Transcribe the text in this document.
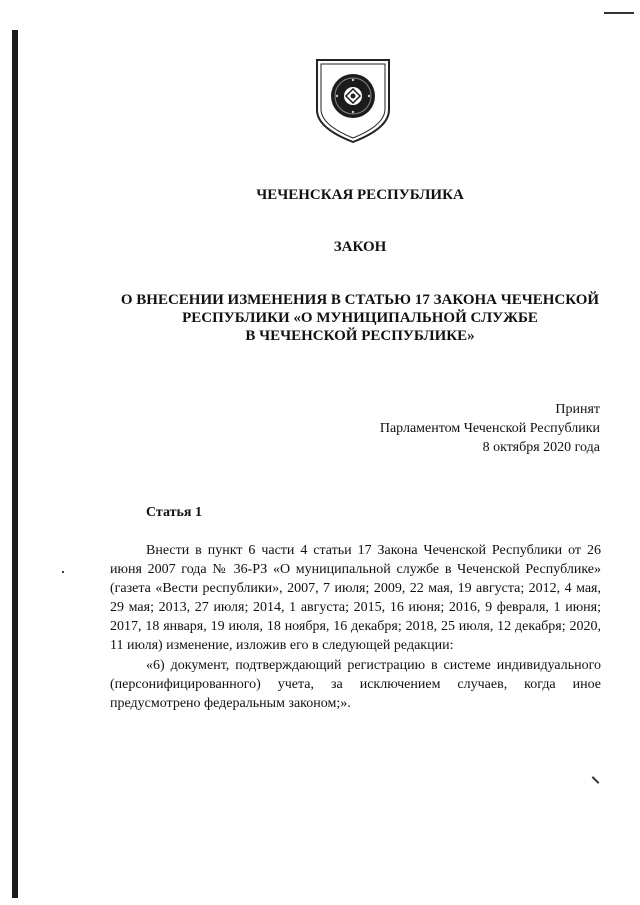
ЧЕЧЕНСКАЯ РЕСПУБЛИКА

ЗАКОН

О ВНЕСЕНИИ ИЗМЕНЕНИЯ В СТАТЬЮ 17 ЗАКОНА ЧЕЧЕНСКОЙ

РЕСПУБЛИКИ «О МУНИЦИПАЛЬНОЙ СЛУЖБЕ

В ЧЕЧЕНСКОЙ РЕСПУБЛИКЕ»

Принят
Парламентом Чеченской Республики
8 октября 2020 года

Статья 1

Внести в пункт 6 части 4 статьи 17 Закона Чеченской Республики от 26 июня 2007 года № 36-РЗ «О муниципальной службе в Чеченской Республике» (газета «Вести республики», 2007, 7 июля; 2009, 22 мая, 19 августа; 2012, 4 мая, 29 мая; 2013, 27 июля; 2014, 1 августа; 2015, 16 июня; 2016, 9 февраля, 1 июня; 2017, 18 января, 19 июля, 18 ноября, 16 декабря; 2018, 25 июля, 12 декабря; 2020, 11 июля) изменение, изложив его в следующей редакции:

«6) документ, подтверждающий регистрацию в системе индивидуального (персонифицированного) учета, за исключением случаев, когда иное предусмотрено федеральным законом;».
